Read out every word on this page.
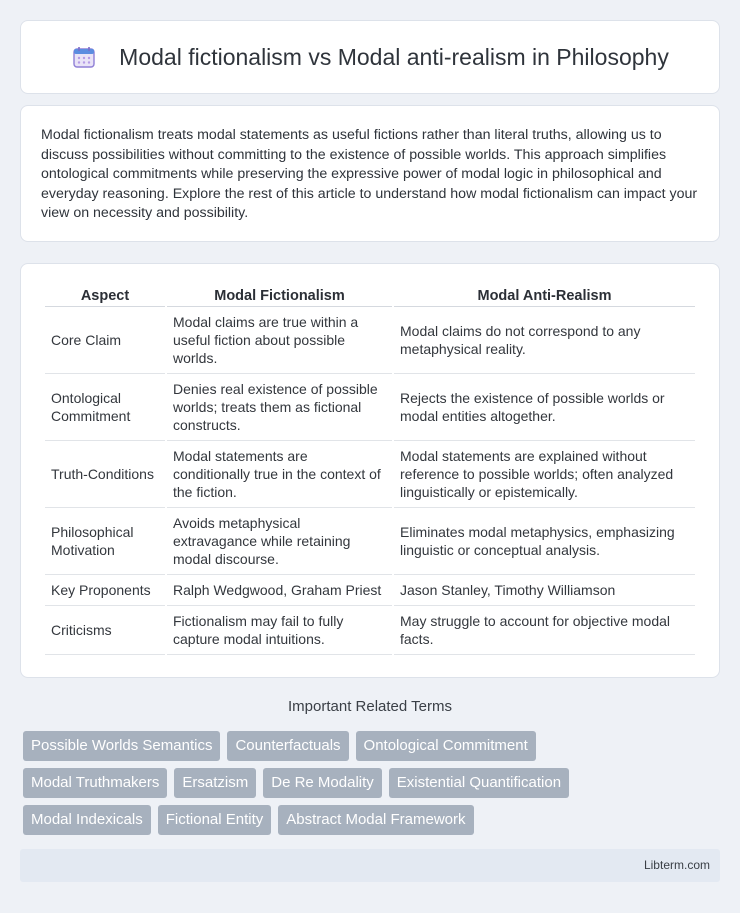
Modal fictionalism vs Modal anti-realism in Philosophy

Modal fictionalism treats modal statements as useful fictions rather than literal truths, allowing us to discuss possibilities without committing to the existence of possible worlds. This approach simplifies ontological commitments while preserving the expressive power of modal logic in philosophical and everyday reasoning. Explore the rest of this article to understand how modal fictionalism can impact your view on necessity and possibility.

Aspect	Modal Fictionalism	Modal Anti-Realism
Core Claim	Modal claims are true within a useful fiction about possible worlds.	Modal claims do not correspond to any metaphysical reality.
Ontological Commitment	Denies real existence of possible worlds; treats them as fictional constructs.	Rejects the existence of possible worlds or modal entities altogether.
Truth-Conditions	Modal statements are conditionally true in the context of the fiction.	Modal statements are explained without reference to possible worlds; often analyzed linguistically or epistemically.
Philosophical Motivation	Avoids metaphysical extravagance while retaining modal discourse.	Eliminates modal metaphysics, emphasizing linguistic or conceptual analysis.
Key Proponents	Ralph Wedgwood, Graham Priest	Jason Stanley, Timothy Williamson
Criticisms	Fictionalism may fail to fully capture modal intuitions.	May struggle to account for objective modal facts.
Important Related Terms
Possible Worlds Semantics	Counterfactuals	Ontological Commitment
Modal Truthmakers	Ersatzism	De Re Modality	Existential Quantification
Modal Indexicals	Fictional Entity	Abstract Modal Framework
Libterm.com
